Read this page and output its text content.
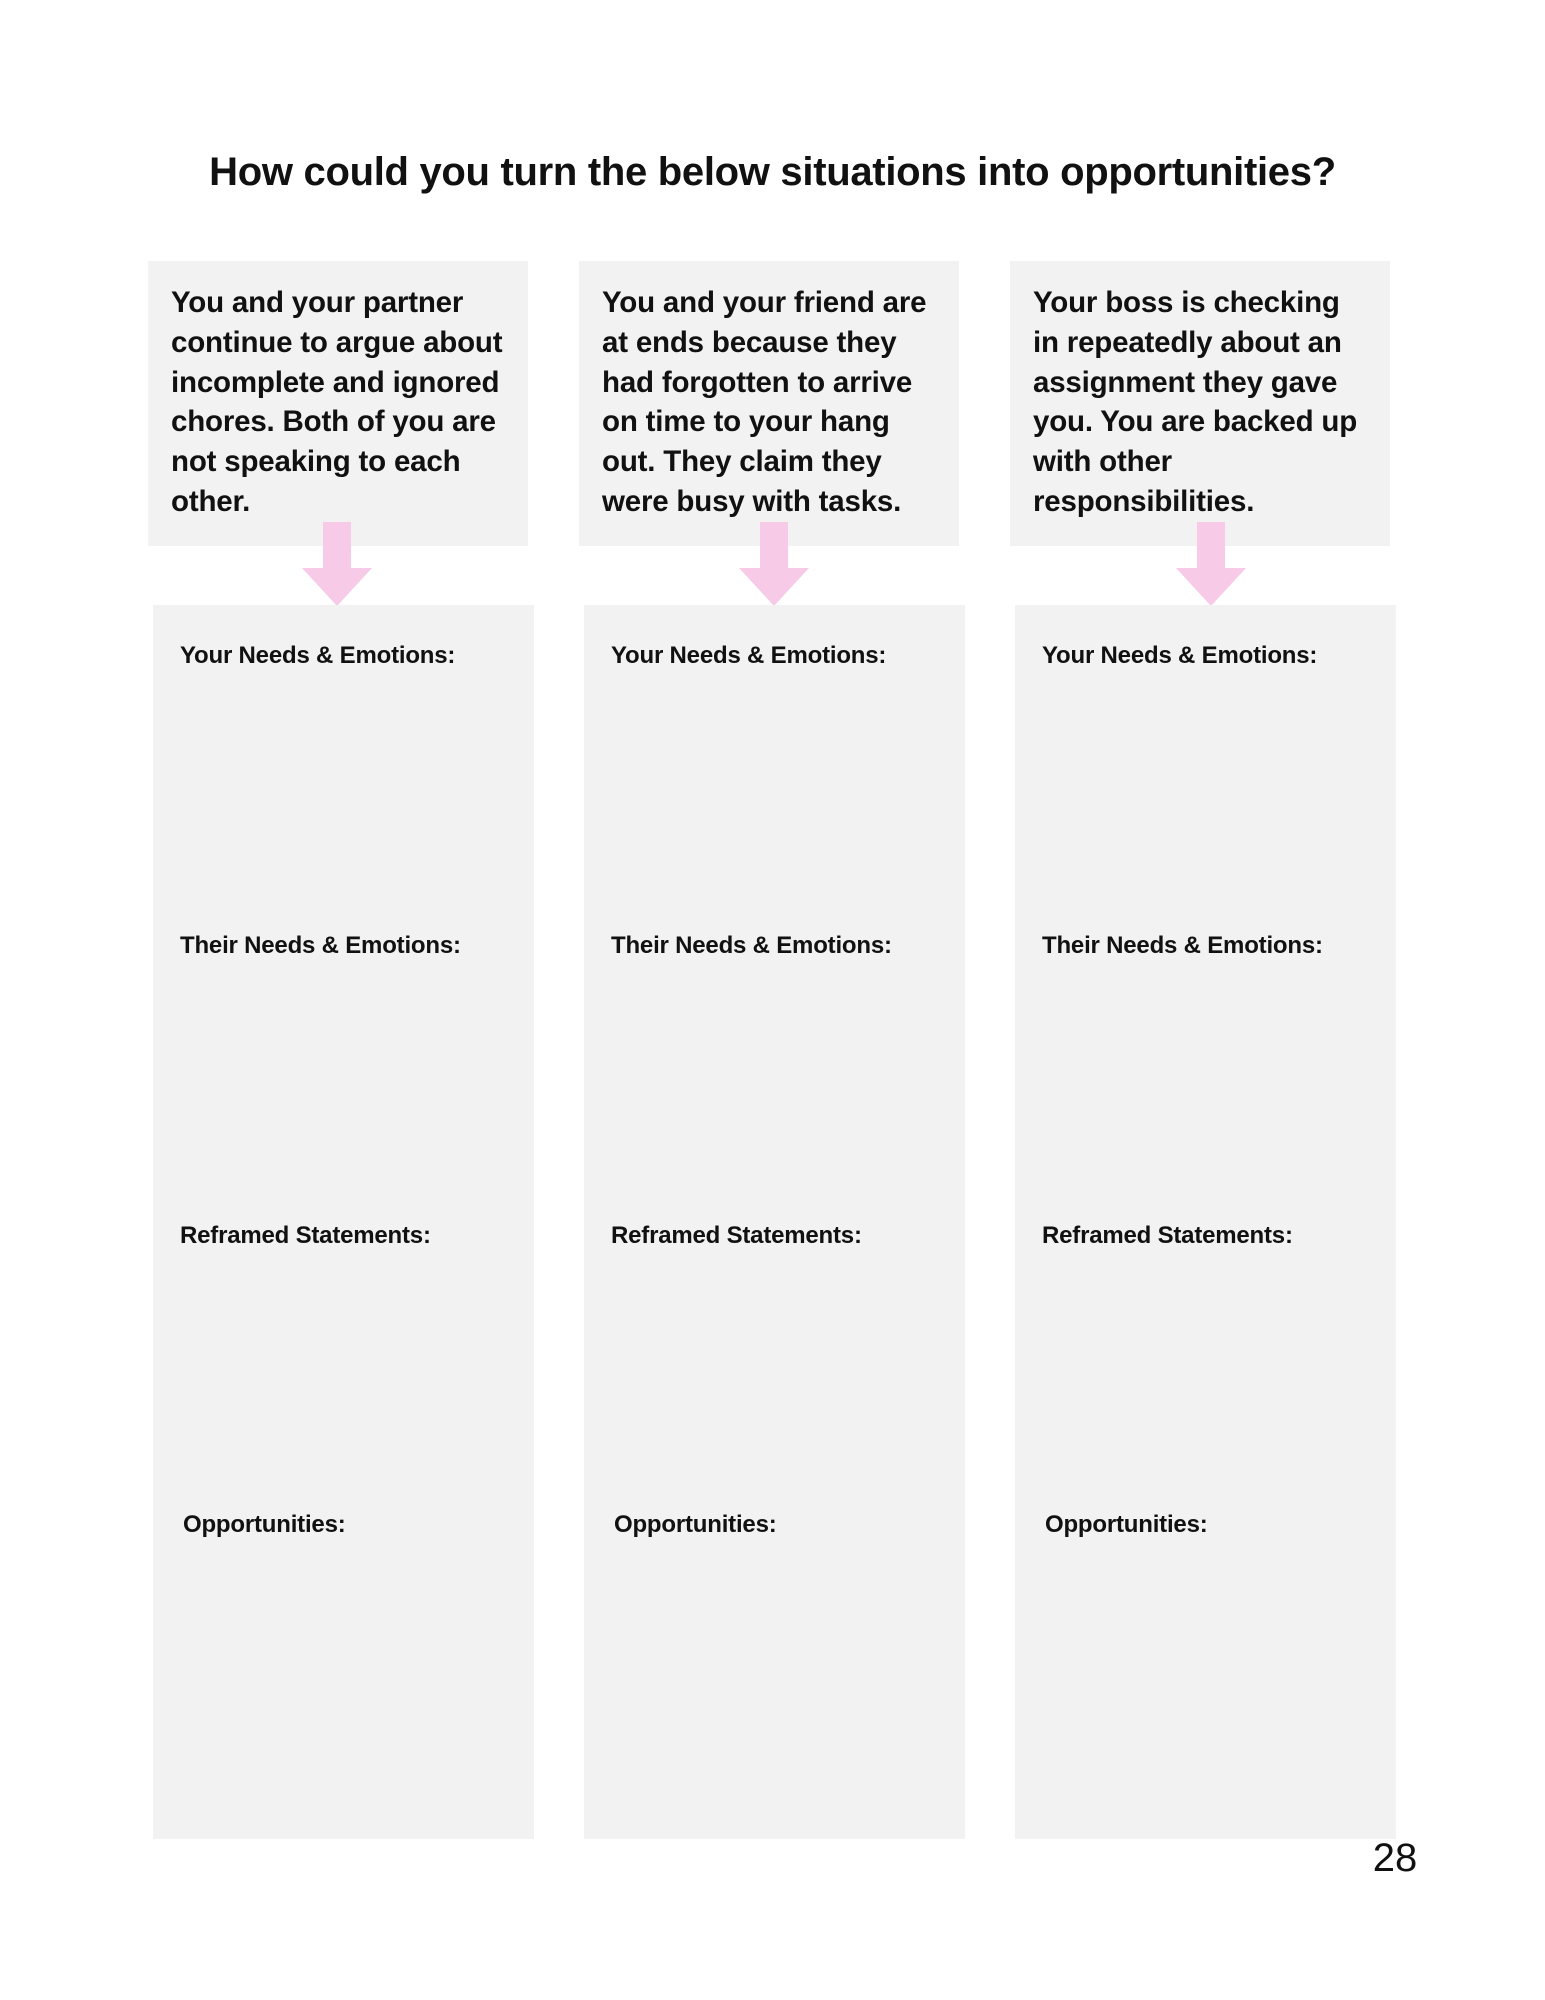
How could you turn the below situations into opportunities?
You and your partner continue to argue about incomplete and ignored chores. Both of you are not speaking to each other.
Your Needs & Emotions:
Their Needs & Emotions:
Reframed Statements:
Opportunities:
You and your friend are at ends because they had forgotten to arrive on time to your hang out. They claim they were busy with tasks.
Your Needs & Emotions:
Their Needs & Emotions:
Reframed Statements:
Opportunities:
Your boss is checking in repeatedly about an assignment they gave you. You are backed up with other responsibilities.
Your Needs & Emotions:
Their Needs & Emotions:
Reframed Statements:
Opportunities:
28
